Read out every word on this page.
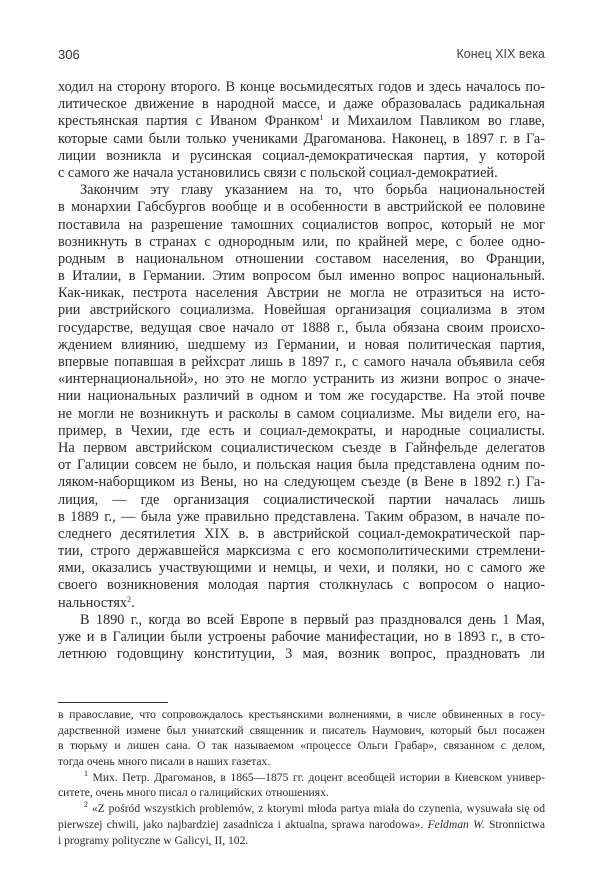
306	Конец XIX века
ходил на сторону второго. В конце восьмидесятых годов и здесь началось по-
литическое движение в народной массе, и даже образовалась радикальная
крестьянская партия с Иваном Франком$^1$ и Михаилом Павликом во главе,
которые сами были только учениками Драгоманова. Наконец, в 1897 г. в Га-
лиции возникла и русинская социал-демократическая партия, у которой
с самого же начала установились связи с польской социал-демократией.
Закончим эту главу указанием на то, что борьба национальностей
в монархии Габсбургов вообще и в особенности в австрийской ее половине
поставила на разрешение тамошних социалистов вопрос, который не мог
возникнуть в странах с однородным или, по крайней мере, с более одно-
родным в национальном отношении составом населения, во Франции,
в Италии, в Германии. Этим вопросом был именно вопрос национальный.
Как-никак, пестрота населения Австрии не могла не отразиться на исто-
рии австрийского социализма. Новейшая организация социализма в этом
государстве, ведущая свое начало от 1888 г., была обязана своим происхо-
ждением влиянию, шедшему из Германии, и новая политическая партия,
впервые попавшая в рейхсрат лишь в 1897 г., с самого начала объявила себя
«интернациональной», но это не могло устранить из жизни вопрос о значе-
нии национальных различий в одном и том же государстве. На этой почве
не могли не возникнуть и расколы в самом социализме. Мы видели его, на-
пример, в Чехии, где есть и социал-демократы, и народные социалисты.
На первом австрийском социалистическом съезде в Гайнфельде делегатов
от Галиции совсем не было, и польская нация была представлена одним по-
ляком-наборщиком из Вены, но на следующем съезде (в Вене в 1892 г.) Га-
лиция, — где организация социалистической партии началась лишь
в 1889 г., — была уже правильно представлена. Таким образом, в начале по-
следнего десятилетия XIX в. в австрийской социал-демократической пар-
тии, строго державшейся марксизма с его космополитическими стремлени-
ями, оказались участвующими и немцы, и чехи, и поляки, но с самого же
своего возникновения молодая партия столкнулась с вопросом о нацио-
нальностях$^2$.
В 1890 г., когда во всей Европе в первый раз праздновался день 1 Мая,
уже и в Галиции были устроены рабочие манифестации, но в 1893 г., в сто-
летнюю годовщину конституции, 3 мая, возник вопрос, праздновать ли
в православие, что сопровождалось крестьянскими волнениями, в числе обвиненных в госу-
дарственной измене был униатский священник и писатель Наумович, который был посажен
в тюрьму и лишен сана. О так называемом «процессе Ольги Грабар», связанном с делом,
тогда очень много писали в наших газетах.
$^1$ Мих. Петр. Драгоманов, в 1865—1875 гг. доцент всеобщей истории в Киевском универ-
ситете, очень много писал о галицийских отношениях.
$^2$ «Z pośród wszystkich problemów, z ktorymi młoda partya miała do czynenia, wysuwała się od
pierwszej chwili, jako najbardziej zasadnicza i aktualna, sprawa narodowa». Feldman W. Stronnictwa
i programy polityczne w Galicyi, II, 102.
